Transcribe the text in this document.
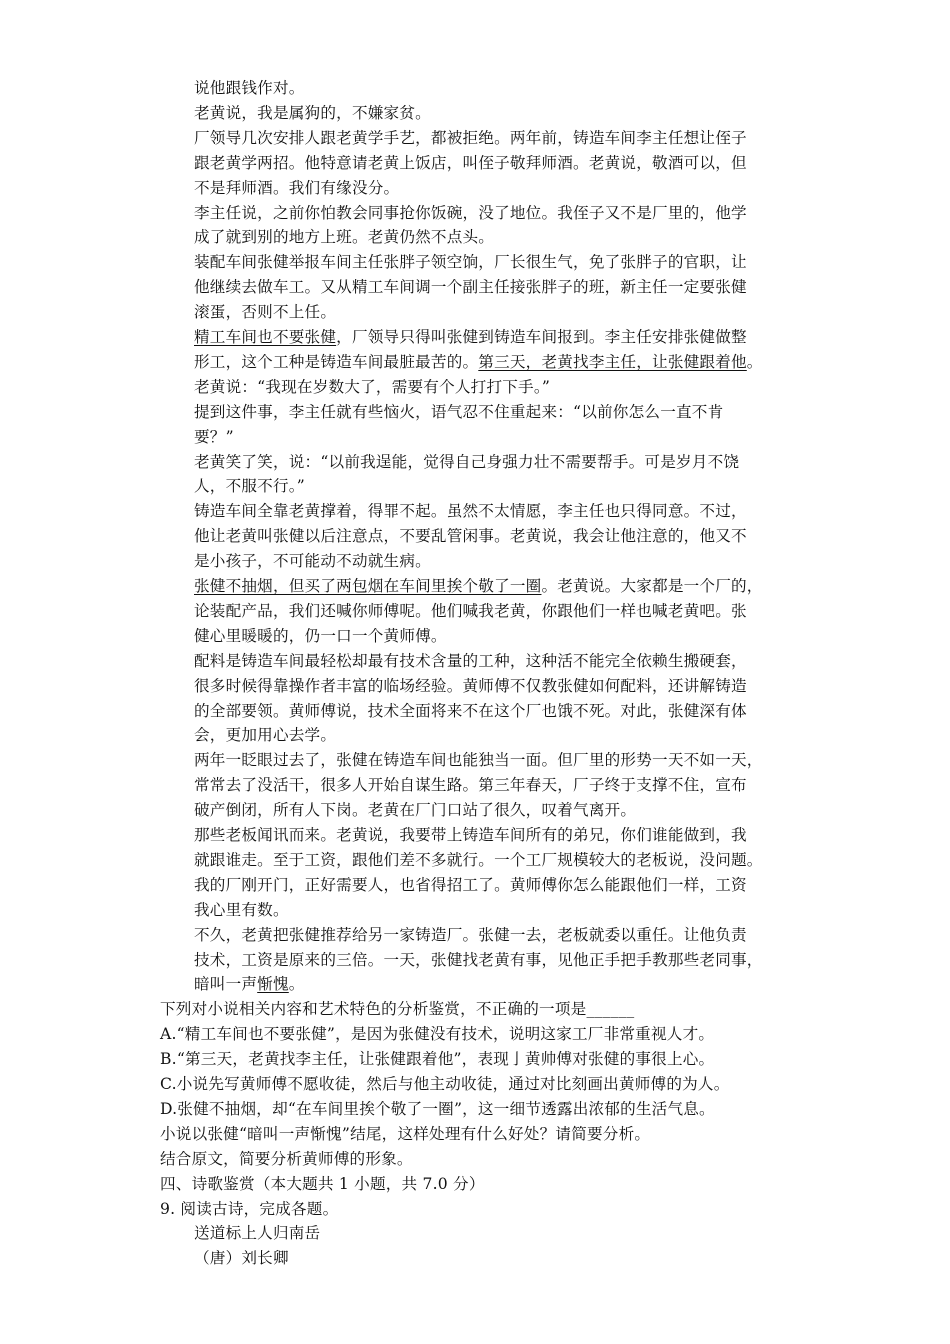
说他跟钱作对。
老黄说，我是属狗的，不嫌家贫。
厂领导几次安排人跟老黄学手艺，都被拒绝。两年前，铸造车间李主任想让侄子
跟老黄学两招。他特意请老黄上饭店，叫侄子敬拜师酒。老黄说，敬酒可以，但
不是拜师酒。我们有缘没分。
李主任说，之前你怕教会同事抢你饭碗，没了地位。我侄子又不是厂里的，他学
成了就到别的地方上班。老黄仍然不点头。
装配车间张健举报车间主任张胖子领空饷，厂长很生气，免了张胖子的官职，让
他继续去做车工。又从精工车间调一个副主任接张胖子的班，新主任一定要张健
滚蛋，否则不上任。
精工车间也不要张健，厂领导只得叫张健到铸造车间报到。李主任安排张健做整
形工，这个工种是铸造车间最脏最苦的。第三天，老黄找李主任，让张健跟着他。
老黄说：“我现在岁数大了，需要有个人打打下手。”
提到这件事，李主任就有些恼火，语气忍不住重起来：“以前你怎么一直不肯
要？”
老黄笑了笑，说：“以前我逞能，觉得自己身强力壮不需要帮手。可是岁月不饶
人，不服不行。”
铸造车间全靠老黄撑着，得罪不起。虽然不太情愿，李主任也只得同意。不过，
他让老黄叫张健以后注意点，不要乱管闲事。老黄说，我会让他注意的，他又不
是小孩子，不可能动不动就生病。
张健不抽烟，但买了两包烟在车间里挨个敬了一圈。老黄说。大家都是一个厂的，
论装配产品，我们还喊你师傅呢。他们喊我老黄，你跟他们一样也喊老黄吧。张
健心里暖暖的，仍一口一个黄师傅。
配料是铸造车间最轻松却最有技术含量的工种，这种活不能完全依赖生搬硬套，
很多时候得靠操作者丰富的临场经验。黄师傅不仅教张健如何配料，还讲解铸造
的全部要领。黄师傅说，技术全面将来不在这个厂也饿不死。对此，张健深有体
会，更加用心去学。
两年一眨眼过去了，张健在铸造车间也能独当一面。但厂里的形势一天不如一天，
常常去了没活干，很多人开始自谋生路。第三年春天，厂子终于支撑不住，宣布
破产倒闭，所有人下岗。老黄在厂门口站了很久，叹着气离开。
那些老板闻讯而来。老黄说，我要带上铸造车间所有的弟兄，你们谁能做到，我
就跟谁走。至于工资，跟他们差不多就行。一个工厂规模较大的老板说，没问题。
我的厂刚开门，正好需要人，也省得招工了。黄师傅你怎么能跟他们一样，工资
我心里有数。
不久，老黄把张健推荐给另一家铸造厂。张健一去，老板就委以重任。让他负责
技术，工资是原来的三倍。一天，张健找老黄有事，见他正手把手教那些老同事，
暗叫一声惭愧。
下列对小说相关内容和艺术特色的分析鉴赏，不正确的一项是______
A.“精工车间也不要张健”，是因为张健没有技术，说明这家工厂非常重视人才。
B.“第三天，老黄找李主任，让张健跟着他”，表现亅黄帅傅对张健的事很上心。
C.小说先写黄师傅不愿收徒，然后与他主动收徒，通过对比刻画出黄师傅的为人。
D.张健不抽烟，却“在车间里挨个敬了一圈”，这一细节透露出浓郁的生活气息。
小说以张健“暗叫一声惭愧”结尾，这样处理有什么好处？请简要分析。
结合原文，简要分析黄师傅的形象。
四、诗歌鉴赏（本大题共 1 小题，共 7.0 分）
9. 阅读古诗，完成各题。
送道标上人归南岳
（唐）刘长卿
